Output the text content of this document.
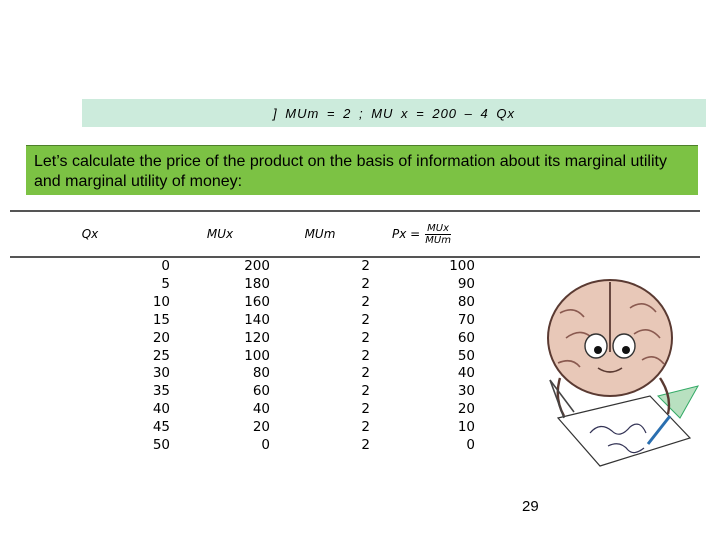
] MUm = 2 ; MU x = 200 – 4 Qx
Let’s calculate the price of the product on the basis of information about its marginal utility and marginal utility of money:
Qx	MUx	MUm	$Px = \frac{\text{MUx}}{\text{MUm}}$

0	200	2	100	
5	180	2	90	
10	160	2	80	
15	140	2	70	
20	120	2	60	
25	100	2	50	
30	80	2	40	
35	60	2	30	
40	40	2	20	
45	20	2	10	
50	0	2	0	
29
